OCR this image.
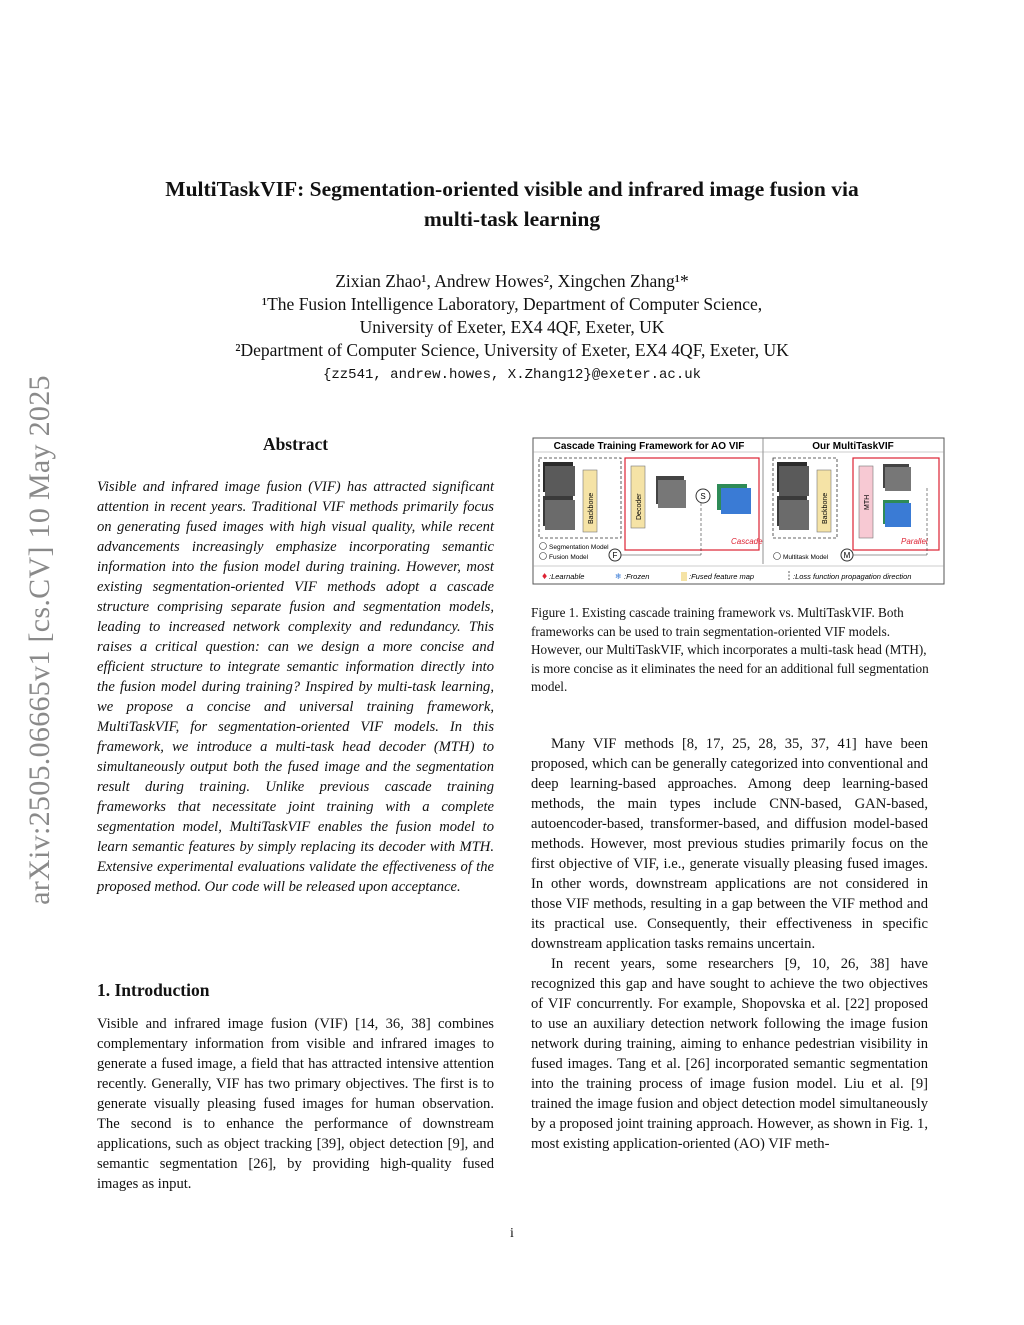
arXiv:2505.06665v1 [cs.CV] 10 May 2025
MultiTaskVIF: Segmentation-oriented visible and infrared image fusion via
multi-task learning
Zixian Zhao¹, Andrew Howes², Xingchen Zhang¹*
¹The Fusion Intelligence Laboratory, Department of Computer Science,
University of Exeter, EX4 4QF, Exeter, UK
²Department of Computer Science, University of Exeter, EX4 4QF, Exeter, UK
{zz541, andrew.howes, X.Zhang12}@exeter.ac.uk
Abstract
Visible and infrared image fusion (VIF) has attracted significant attention in recent years. Traditional VIF methods primarily focus on generating fused images with high visual quality, while recent advancements increasingly emphasize incorporating semantic information into the fusion model during training. However, most existing segmentation-oriented VIF methods adopt a cascade structure comprising separate fusion and segmentation models, leading to increased network complexity and redundancy. This raises a critical question: can we design a more concise and efficient structure to integrate semantic information directly into the fusion model during training? Inspired by multi-task learning, we propose a concise and universal training framework, MultiTaskVIF, for segmentation-oriented VIF models. In this framework, we introduce a multi-task head decoder (MTH) to simultaneously output both the fused image and the segmentation result during training. Unlike previous cascade training frameworks that necessitate joint training with a complete segmentation model, MultiTaskVIF enables the fusion model to learn semantic features by simply replacing its decoder with MTH. Extensive experimental evaluations validate the effectiveness of the proposed method. Our code will be released upon acceptance.
1. Introduction
Visible and infrared image fusion (VIF) [14, 36, 38] combines complementary information from visible and infrared images to generate a fused image, a field that has attracted intensive attention recently. Generally, VIF has two primary objectives. The first is to generate visually pleasing fused images for human observation. The second is to enhance the performance of downstream applications, such as object tracking [39], object detection [9], and semantic segmentation [26], by providing high-quality fused images as input.
Cascade Training Framework for AO VIF	Our MultiTaskVIF
Backbone	Decoder	S
Cascade
F
Segmentation Model
Fusion Model
Backbone	MTH
Parallel
M
Multitask Model
♦ :Learnable	❄ :Frozen	:Fused feature map	:Loss function propagation direction
Figure 1. Existing cascade training framework vs. MultiTaskVIF. Both frameworks can be used to train segmentation-oriented VIF models. However, our MultiTaskVIF, which incorporates a multi-task head (MTH), is more concise as it eliminates the need for an additional full segmentation model.

Many VIF methods [8, 17, 25, 28, 35, 37, 41] have been proposed, which can be generally categorized into conventional and deep learning-based approaches. Among deep learning-based methods, the main types include CNN-based, GAN-based, autoencoder-based, transformer-based, and diffusion model-based methods. However, most previous studies primarily focus on the first objective of VIF, i.e., generate visually pleasing fused images. In other words, downstream applications are not considered in those VIF methods, resulting in a gap between the VIF method and its practical use. Consequently, their effectiveness in specific downstream application tasks remains uncertain.

In recent years, some researchers [9, 10, 26, 38] have recognized this gap and have sought to achieve the two objectives of VIF concurrently. For example, Shopovska et al. [22] proposed to use an auxiliary detection network following the image fusion network during training, aiming to enhance pedestrian visibility in fused images. Tang et al. [26] incorporated semantic segmentation into the training process of image fusion model. Liu et al. [9] trained the image fusion and object detection model simultaneously by a proposed joint training approach. However, as shown in Fig. 1, most existing application-oriented (AO) VIF meth-

i
